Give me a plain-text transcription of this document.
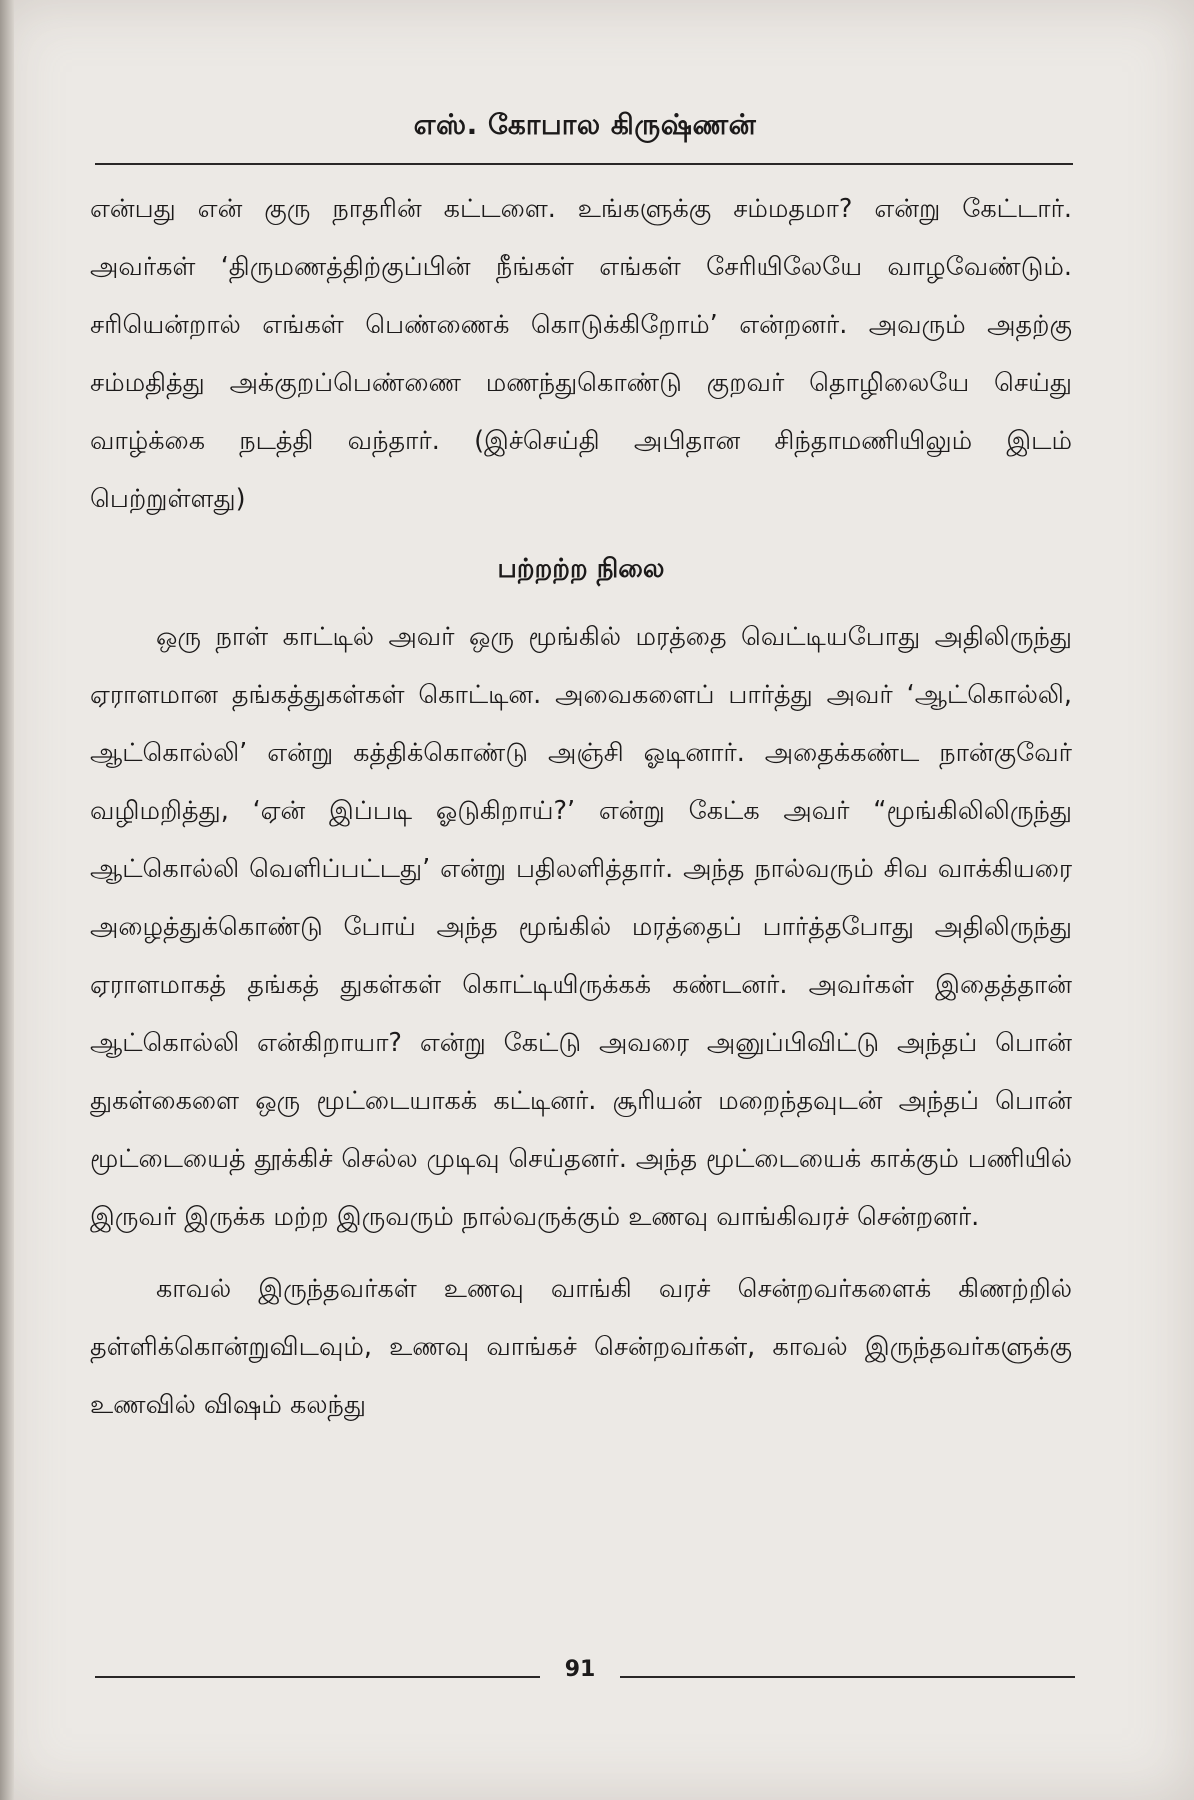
எஸ். கோபால கிருஷ்ணன்

என்பது என் குரு நாதரின் கட்டளை. உங்களுக்கு சம்மதமா? என்று கேட்டார். அவர்கள் ‘திருமணத்திற்குப்பின் நீங்கள் எங்கள் சேரியிலேயே வாழவேண்டும். சரியென்றால் எங்கள் பெண்ணைக் கொடுக்கிறோம்’ என்றனர். அவரும் அதற்கு சம்மதித்து அக்குறப்பெண்ணை மணந்துகொண்டு குறவர் தொழிலையே செய்து வாழ்க்கை நடத்தி வந்தார். (இச்செய்தி அபிதான சிந்தாமணியிலும் இடம் பெற்றுள்ளது)

பற்றற்ற நிலை

ஒரு நாள் காட்டில் அவர் ஒரு மூங்கில் மரத்தை வெட்டியபோது அதிலிருந்து ஏராளமான தங்கத்துகள்கள் கொட்டின. அவைகளைப் பார்த்து அவர் ‘ஆட்கொல்லி, ஆட்கொல்லி’ என்று கத்திக்கொண்டு அஞ்சி ஓடினார். அதைக்கண்ட நான்குவேர் வழிமறித்து, ‘ஏன் இப்படி ஓடுகிறாய்?’ என்று கேட்க அவர் “மூங்கிலிலிருந்து ஆட்கொல்லி வெளிப்பட்டது’ என்று பதிலளித்தார். அந்த நால்வரும் சிவ வாக்கியரை அழைத்துக்கொண்டு போய் அந்த மூங்கில் மரத்தைப் பார்த்தபோது அதிலிருந்து ஏராளமாகத் தங்கத் துகள்கள் கொட்டியிருக்கக் கண்டனர். அவர்கள் இதைத்தான் ஆட்கொல்லி என்கிறாயா? என்று கேட்டு அவரை அனுப்பிவிட்டு அந்தப் பொன் துகள்கைளை ஒரு மூட்டையாகக் கட்டினர். சூரியன் மறைந்தவுடன் அந்தப் பொன் மூட்டையைத் தூக்கிச் செல்ல முடிவு செய்தனர். அந்த மூட்டையைக் காக்கும் பணியில் இருவர் இருக்க மற்ற இருவரும் நால்வருக்கும் உணவு வாங்கிவரச் சென்றனர்.

காவல் இருந்தவர்கள் உணவு வாங்கி வரச் சென்றவர்களைக் கிணற்றில் தள்ளிக்கொன்றுவிடவும், உணவு வாங்கச் சென்றவர்கள், காவல் இருந்தவர்களுக்கு உணவில் விஷம் கலந்து

91
